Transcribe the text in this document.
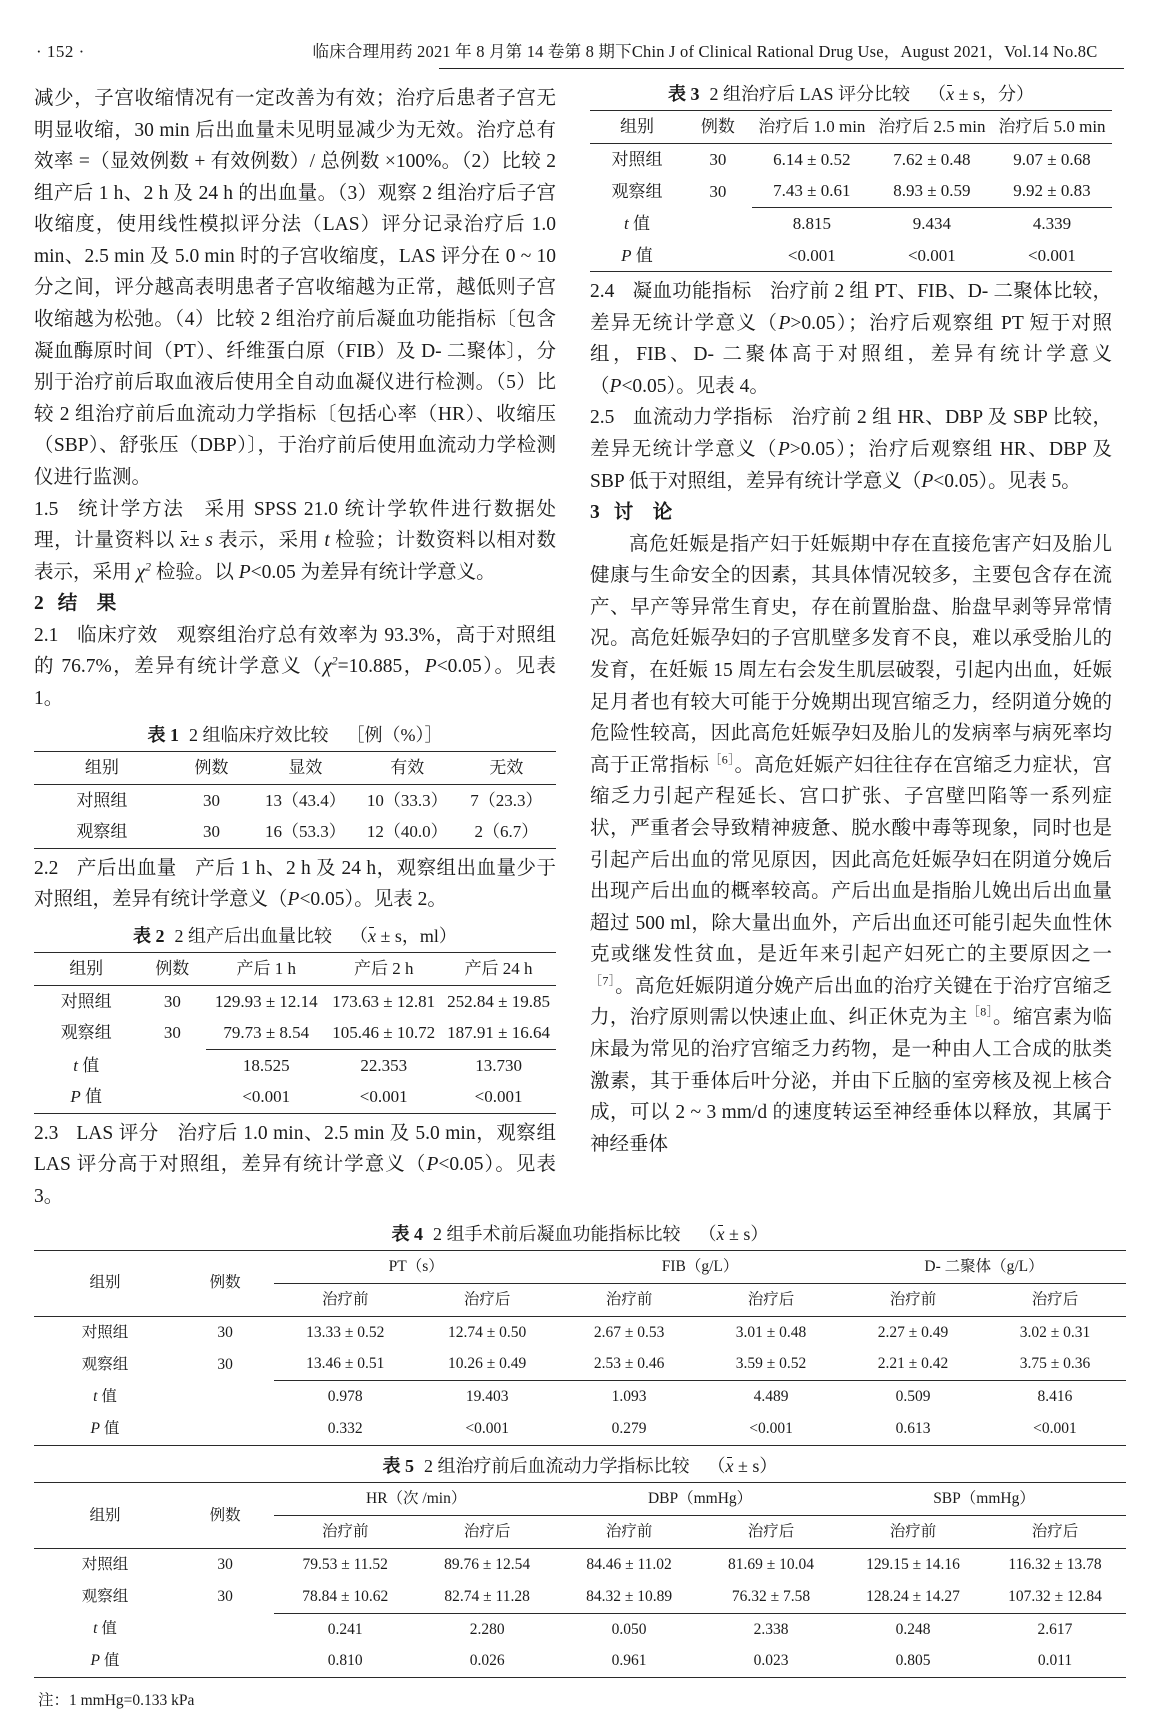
· 152 ·	临床合理用药 2021 年 8 月第 14 卷第 8 期下Chin J of Clinical Rational Drug Use，August 2021，Vol.14 No.8C

减少，子宫收缩情况有一定改善为有效；治疗后患者子宫无明显收缩，30 min 后出血量未见明显减少为无效。治疗总有效率 =（显效例数 + 有效例数）/ 总例数 ×100%。（2）比较 2 组产后 1 h、2 h 及 24 h 的出血量。（3）观察 2 组治疗后子宫收缩度，使用线性模拟评分法（LAS）评分记录治疗后 1.0 min、2.5 min 及 5.0 min 时的子宫收缩度，LAS 评分在 0 ~ 10 分之间，评分越高表明患者子宫收缩越为正常，越低则子宫收缩越为松弛。（4）比较 2 组治疗前后凝血功能指标〔包含凝血酶原时间（PT）、纤维蛋白原（FIB）及 D- 二聚体〕，分别于治疗前后取血液后使用全自动血凝仪进行检测。（5）比较 2 组治疗前后血流动力学指标〔包括心率（HR）、收缩压（SBP）、舒张压（DBP）〕，于治疗前后使用血流动力学检测仪进行监测。

1.5 统计学方法 采用 SPSS 21.0 统计学软件进行数据处理，计量资料以 x± s 表示，采用 t 检验；计数资料以相对数表示，采用 $\chi^2$ 检验。以 P<0.05 为差异有统计学意义。

2 结　果

2.1 临床疗效 观察组治疗总有效率为 93.3%，高于对照组的 76.7%，差异有统计学意义（$\chi^2=10.885$，P<0.05）。见表 1。

表 1 2 组临床疗效比较 ［例（%）］
组别	例数	显效	有效	无效
对照组	30	13（43.4）	10（33.3）	7（23.3）
观察组	30	16（53.3）	12（40.0）	2（6.7）

2.2 产后出血量 产后 1 h、2 h 及 24 h，观察组出血量少于对照组，差异有统计学意义（P<0.05）。见表 2。

表 2 2 组产后出血量比较 （x ± s，ml）
组别	例数	产后 1 h	产后 2 h	产后 24 h
对照组	30	129.93 ± 12.14	173.63 ± 12.81	252.84 ± 19.85
观察组	30	79.73 ± 8.54	105.46 ± 10.72	187.91 ± 16.64
t 值		18.525	22.353	13.730
P 值		<0.001	<0.001	<0.001

2.3 LAS 评分 治疗后 1.0 min、2.5 min 及 5.0 min，观察组 LAS 评分高于对照组，差异有统计学意义（P<0.05）。见表 3。

表 3 2 组治疗后 LAS 评分比较 （x ± s，分）
组别	例数	治疗后 1.0 min	治疗后 2.5 min	治疗后 5.0 min
对照组	30	6.14 ± 0.52	7.62 ± 0.48	9.07 ± 0.68
观察组	30	7.43 ± 0.61	8.93 ± 0.59	9.92 ± 0.83
t 值		8.815	9.434	4.339
P 值		<0.001	<0.001	<0.001

2.4 凝血功能指标 治疗前 2 组 PT、FIB、D- 二聚体比较，差异无统计学意义（P>0.05）；治疗后观察组 PT 短于对照组，FIB、D- 二聚体高于对照组，差异有统计学意义（P<0.05）。见表 4。

2.5 血流动力学指标 治疗前 2 组 HR、DBP 及 SBP 比较，差异无统计学意义（P>0.05）；治疗后观察组 HR、DBP 及 SBP 低于对照组，差异有统计学意义（P<0.05）。见表 5。

3 讨　论

高危妊娠是指产妇于妊娠期中存在直接危害产妇及胎儿健康与生命安全的因素，其具体情况较多，主要包含存在流产、早产等异常生育史，存在前置胎盘、胎盘早剥等异常情况。高危妊娠孕妇的子宫肌壁多发育不良，难以承受胎儿的发育，在妊娠 15 周左右会发生肌层破裂，引起内出血，妊娠足月者也有较大可能于分娩期出现宫缩乏力，经阴道分娩的危险性较高，因此高危妊娠孕妇及胎儿的发病率与病死率均高于正常指标$^{[6]}$。高危妊娠产妇往往存在宫缩乏力症状，宫缩乏力引起产程延长、宫口扩张、子宫壁凹陷等一系列症状，严重者会导致精神疲惫、脱水酸中毒等现象，同时也是引起产后出血的常见原因，因此高危妊娠孕妇在阴道分娩后出现产后出血的概率较高。产后出血是指胎儿娩出后出血量超过 500 ml，除大量出血外，产后出血还可能引起失血性休克或继发性贫血，是近年来引起产妇死亡的主要原因之一$^{[7]}$。高危妊娠阴道分娩产后出血的治疗关键在于治疗宫缩乏力，治疗原则需以快速止血、纠正休克为主$^{[8]}$。缩宫素为临床最为常见的治疗宫缩乏力药物，是一种由人工合成的肽类激素，其于垂体后叶分泌，并由下丘脑的室旁核及视上核合成，可以 2 ~ 3 mm/d 的速度转运至神经垂体以释放，其属于神经垂体

表 4 2 组手术前后凝血功能指标比较 （x ± s）
组别	例数	PT（s）		FIB（g/L）		D- 二聚体（g/L）	
		治疗前	治疗后	治疗前	治疗后	治疗前	治疗后
对照组	30	13.33 ± 0.52	12.74 ± 0.50	2.67 ± 0.53	3.01 ± 0.48	2.27 ± 0.49	3.02 ± 0.31
观察组	30	13.46 ± 0.51	10.26 ± 0.49	2.53 ± 0.46	3.59 ± 0.52	2.21 ± 0.42	3.75 ± 0.36
t 值		0.978	19.403	1.093	4.489	0.509	8.416
P 值		0.332	<0.001	0.279	<0.001	0.613	<0.001
表 5 2 组治疗前后血流动力学指标比较 （x ± s）
组别	例数	HR（次 /min）		DBP（mmHg）		SBP（mmHg）	
		治疗前	治疗后	治疗前	治疗后	治疗前	治疗后
对照组	30	79.53 ± 11.52	89.76 ± 12.54	84.46 ± 11.02	81.69 ± 10.04	129.15 ± 14.16	116.32 ± 13.78
观察组	30	78.84 ± 10.62	82.74 ± 11.28	84.32 ± 10.89	76.32 ± 7.58	128.24 ± 14.27	107.32 ± 12.84
t 值		0.241	2.280	0.050	2.338	0.248	2.617
P 值		0.810	0.026	0.961	0.023	0.805	0.011
注：1 mmHg=0.133 kPa
